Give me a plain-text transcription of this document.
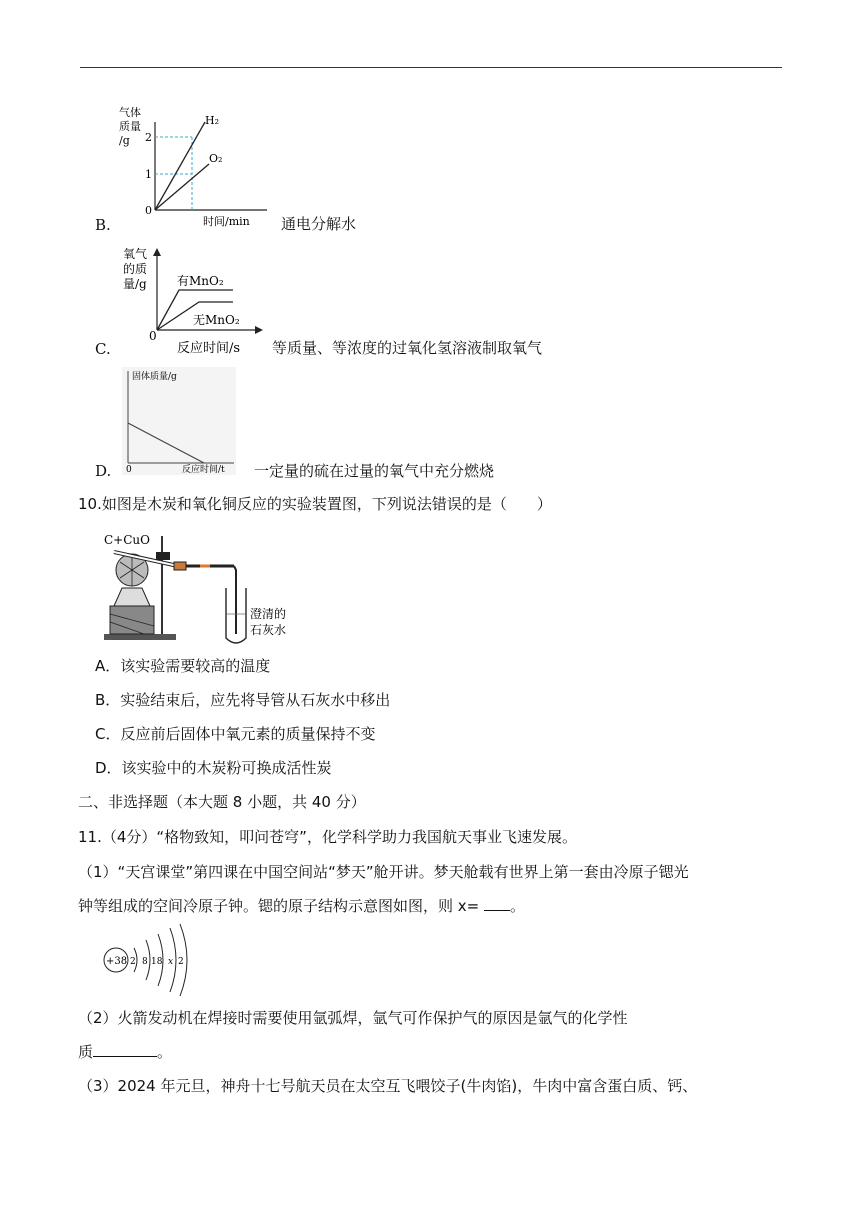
B.
气体
质量
/g 2
1
0
时间/min
H₂
O₂
通电分解水
C.
氧气
的质
量/g
0
有MnO₂
无MnO₂
反应时间/s 等质量、等浓度的过氧化氢溶液制取氧气
D.
固体质量/g
0	反应时间/t 一定量的硫在过量的氧气中充分燃烧
10.如图是木炭和氧化铜反应的实验装置图，下列说法错误的是（　　）
C+CuO
澄清的
石灰水
A．该实验需要较高的温度
B．实验结束后，应先将导管从石灰水中移出
C．反应前后固体中氧元素的质量保持不变
D．该实验中的木炭粉可换成活性炭
二、非选择题（本大题 8 小题，共 40 分）
11.（4分）“格物致知，叩问苍穹”，化学科学助力我国航天事业飞速发展。
（1）“天宫课堂”第四课在中国空间站“梦天”舱开讲。梦天舱载有世界上第一套由冷原子锶光
钟等组成的空间冷原子钟。锶的原子结构示意图如图，则 x= 。
+38 2 8 18 x 2
（2）火箭发动机在焊接时需要使用氩弧焊，氩气可作保护气的原因是氩气的化学性
质	。
（3）2024 年元旦，神舟十七号航天员在太空互飞喂饺子(牛肉馅)，牛肉中富含蛋白质、钙、
